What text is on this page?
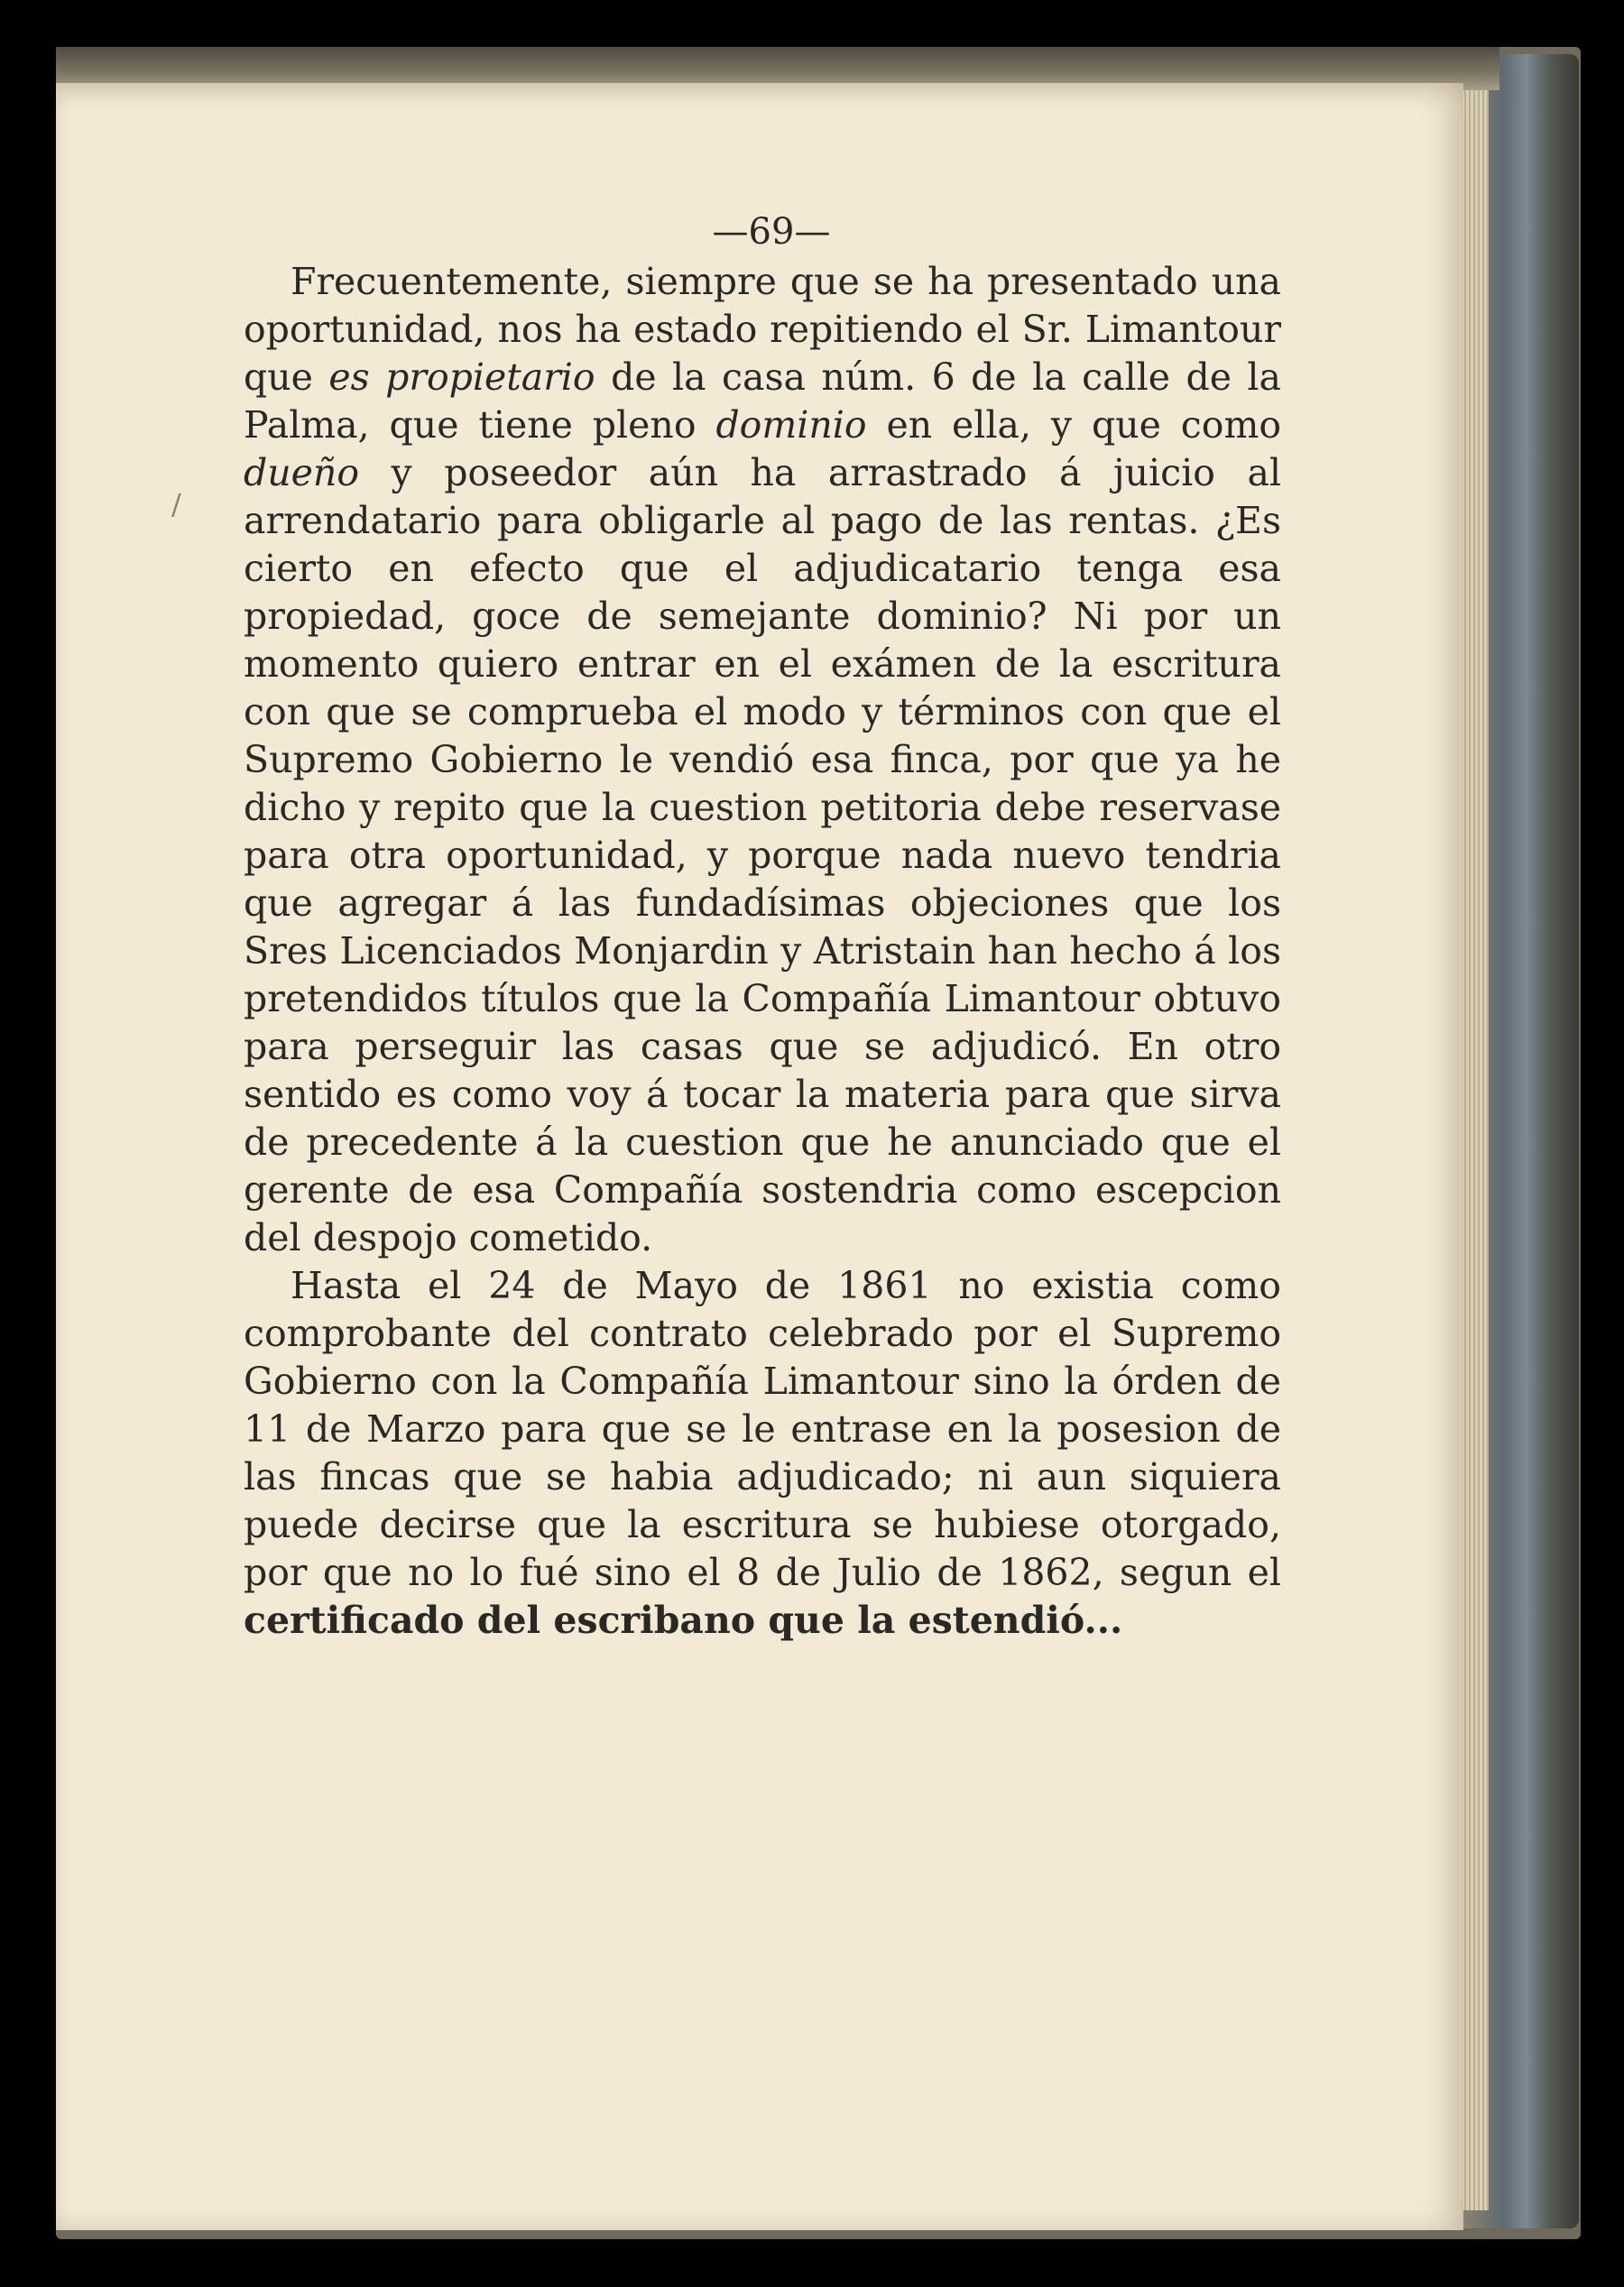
/
—69—

Frecuentemente, siempre que se ha presentado una oportunidad, nos ha estado repitiendo el Sr. Limantour que es propietario de la casa núm. 6 de la calle de la Palma, que tiene pleno dominio en ella, y que como dueño y poseedor aún ha arrastrado á juicio al arrendatario para obligarle al pago de las rentas. ¿Es cierto en efecto que el adjudicatario tenga esa propiedad, goce de semejante dominio? Ni por un momento quiero entrar en el exámen de la escritura con que se comprueba el modo y términos con que el Supremo Gobierno le vendió esa finca, por que ya he dicho y repito que la cuestion petitoria debe reservase para otra oportunidad, y porque nada nuevo tendria que agregar á las fundadísimas objeciones que los Sres Licenciados Monjardin y Atristain han hecho á los pretendidos títulos que la Compañía Limantour obtuvo para perseguir las casas que se adjudicó. En otro sentido es como voy á tocar la materia para que sirva de precedente á la cuestion que he anunciado que el gerente de esa Compañía sostendria como escepcion del despojo cometido.

Hasta el 24 de Mayo de 1861 no existia como comprobante del contrato celebrado por el Supremo Gobierno con la Compañía Limantour sino la órden de 11 de Marzo para que se le entrase en la posesion de las fincas que se habia adjudicado; ni aun siquiera puede decirse que la escritura se hubiese otorgado, por que no lo fué sino el 8 de Julio de 1862, segun el certificado del escribano que la estendió...
